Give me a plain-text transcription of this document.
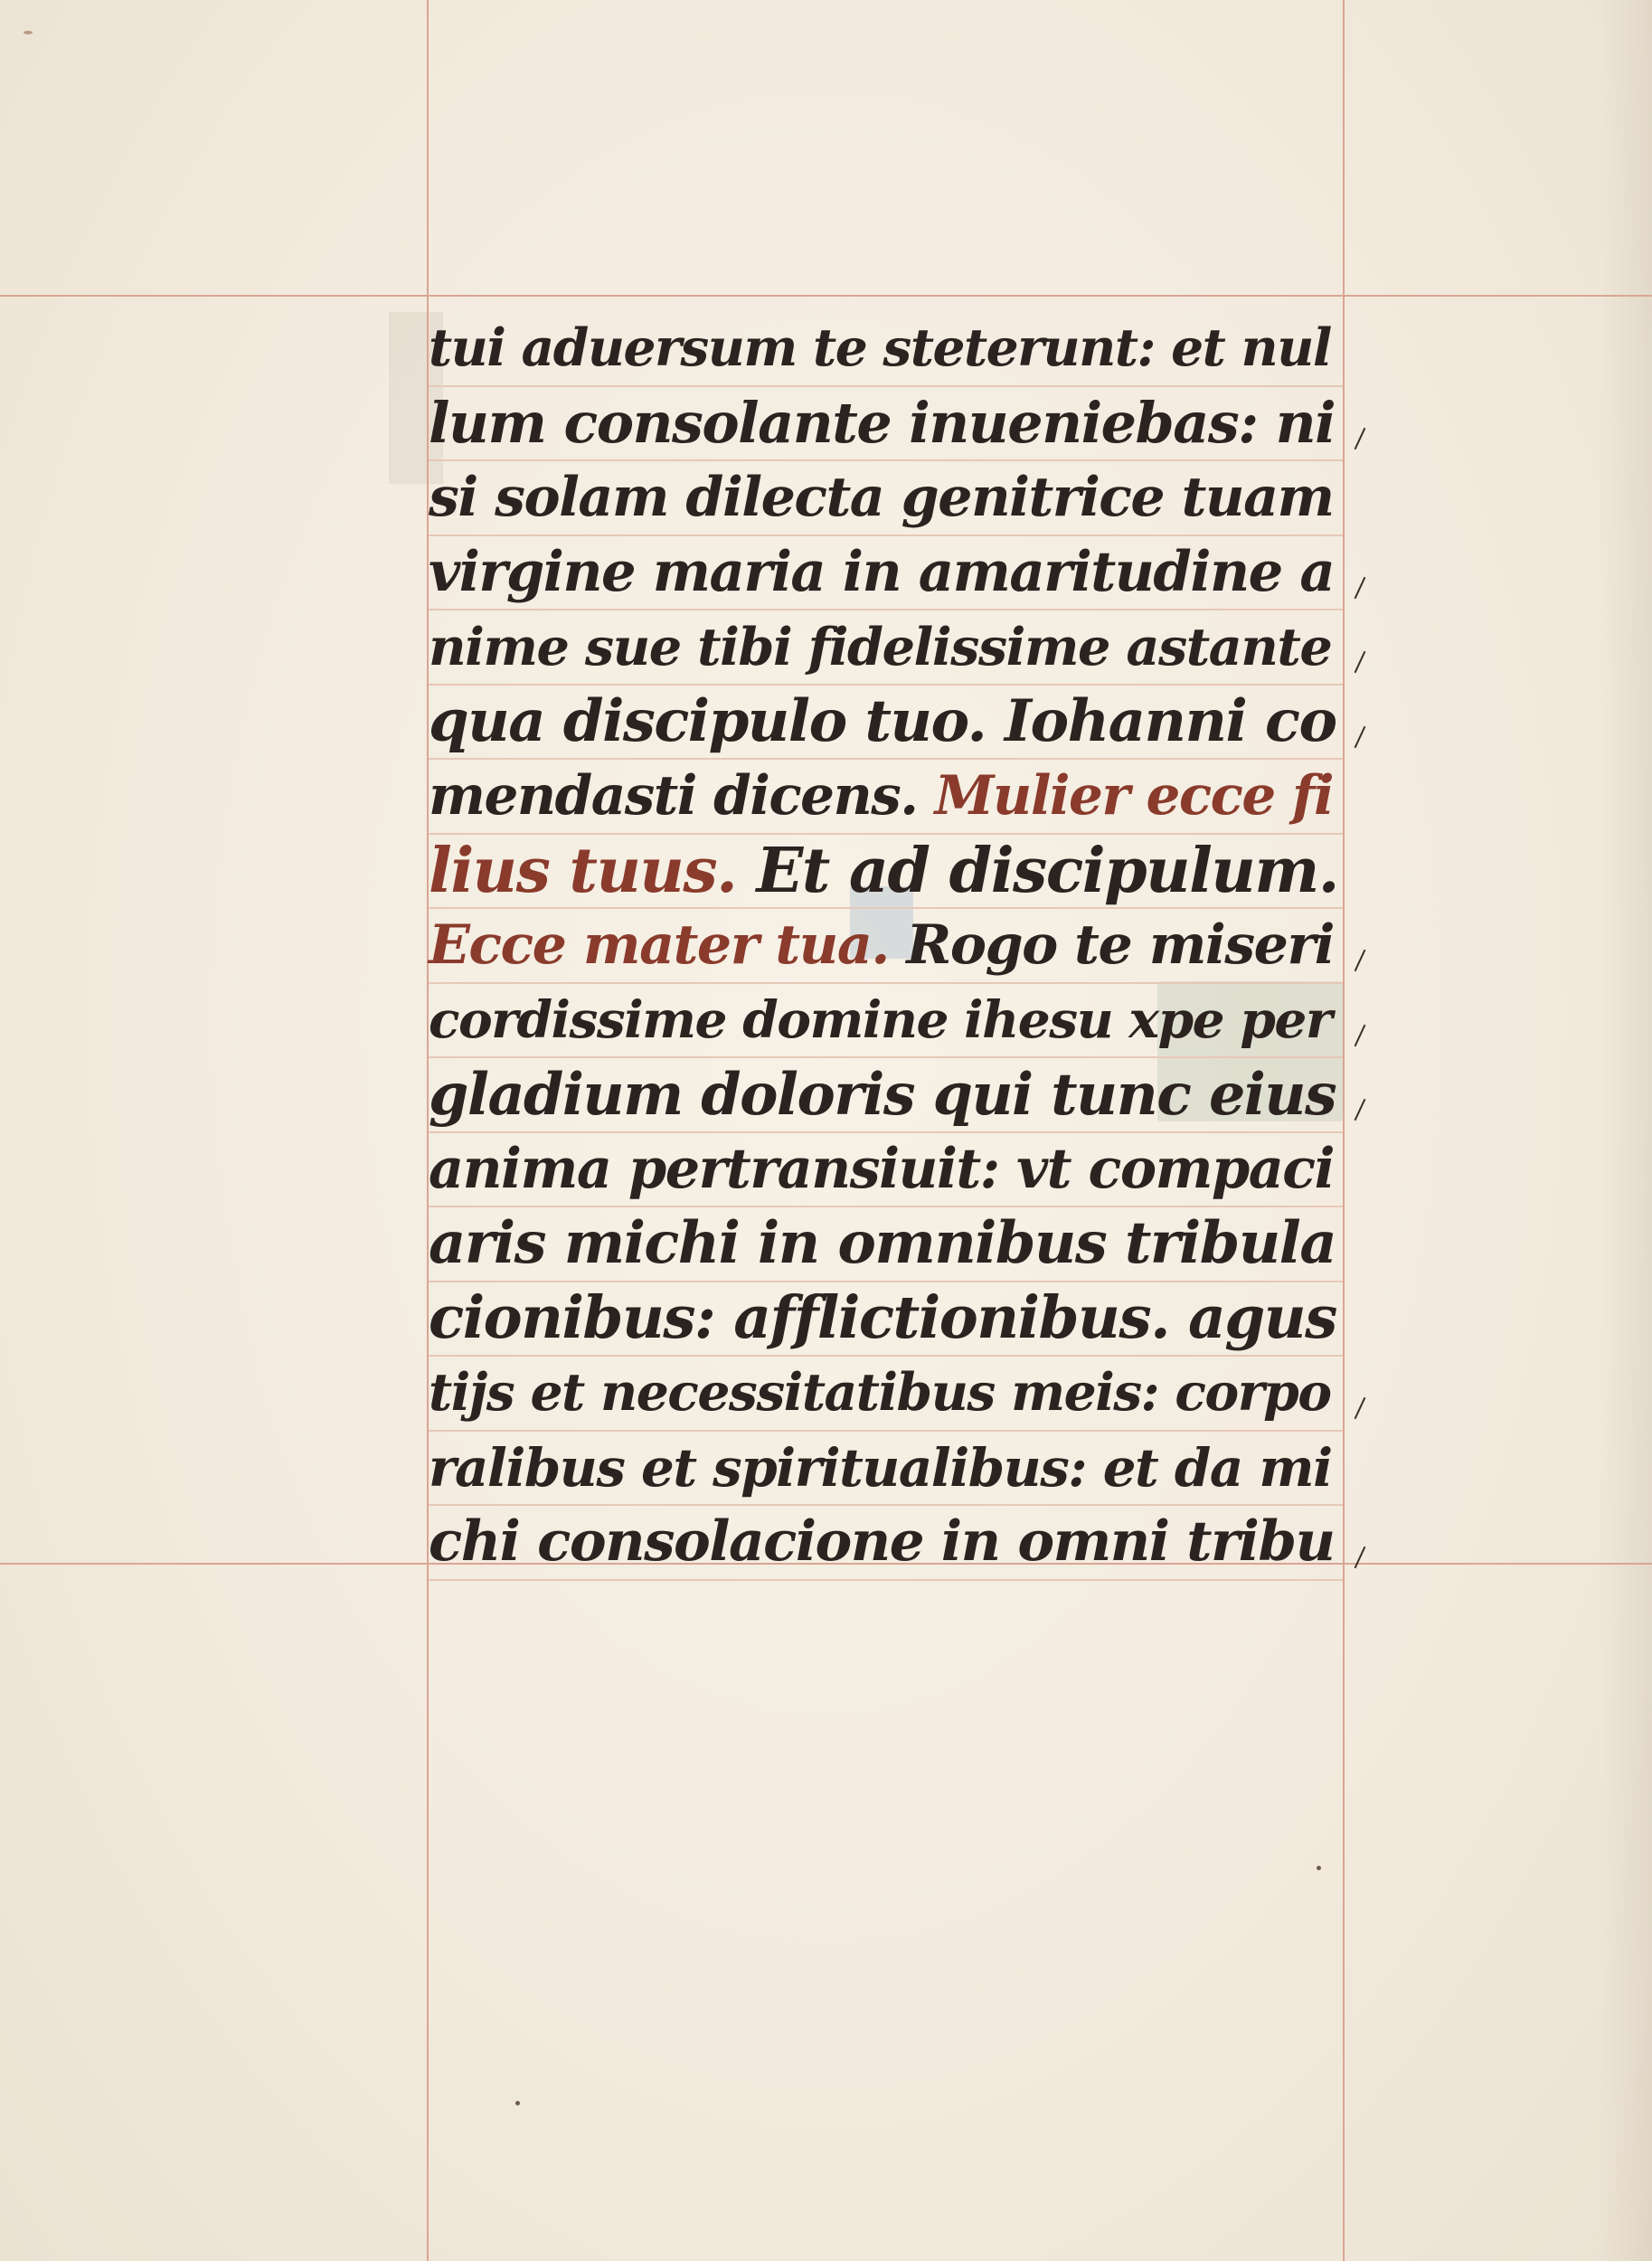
tui aduersum te steterunt: et nul
lum consolante inueniebas: ni
si solam dilecta genitrice tuam
virgine maria in amaritudine a
nime sue tibi fidelissime astante
qua discipulo tuo. Iohanni co
mendasti dicens. Mulier ecce fi
lius tuus. Et ad discipulum.
Ecce mater tua. Rogo te miseri
cordissime domine ihesu xpe per
gladium doloris qui tunc eius
anima pertransiuit: vt compaci
aris michi in omnibus tribula
cionibus: afflictionibus. agus
tijs et necessitatibus meis: corpo
ralibus et spiritualibus: et da mi
chi consolacione in omni tribu
